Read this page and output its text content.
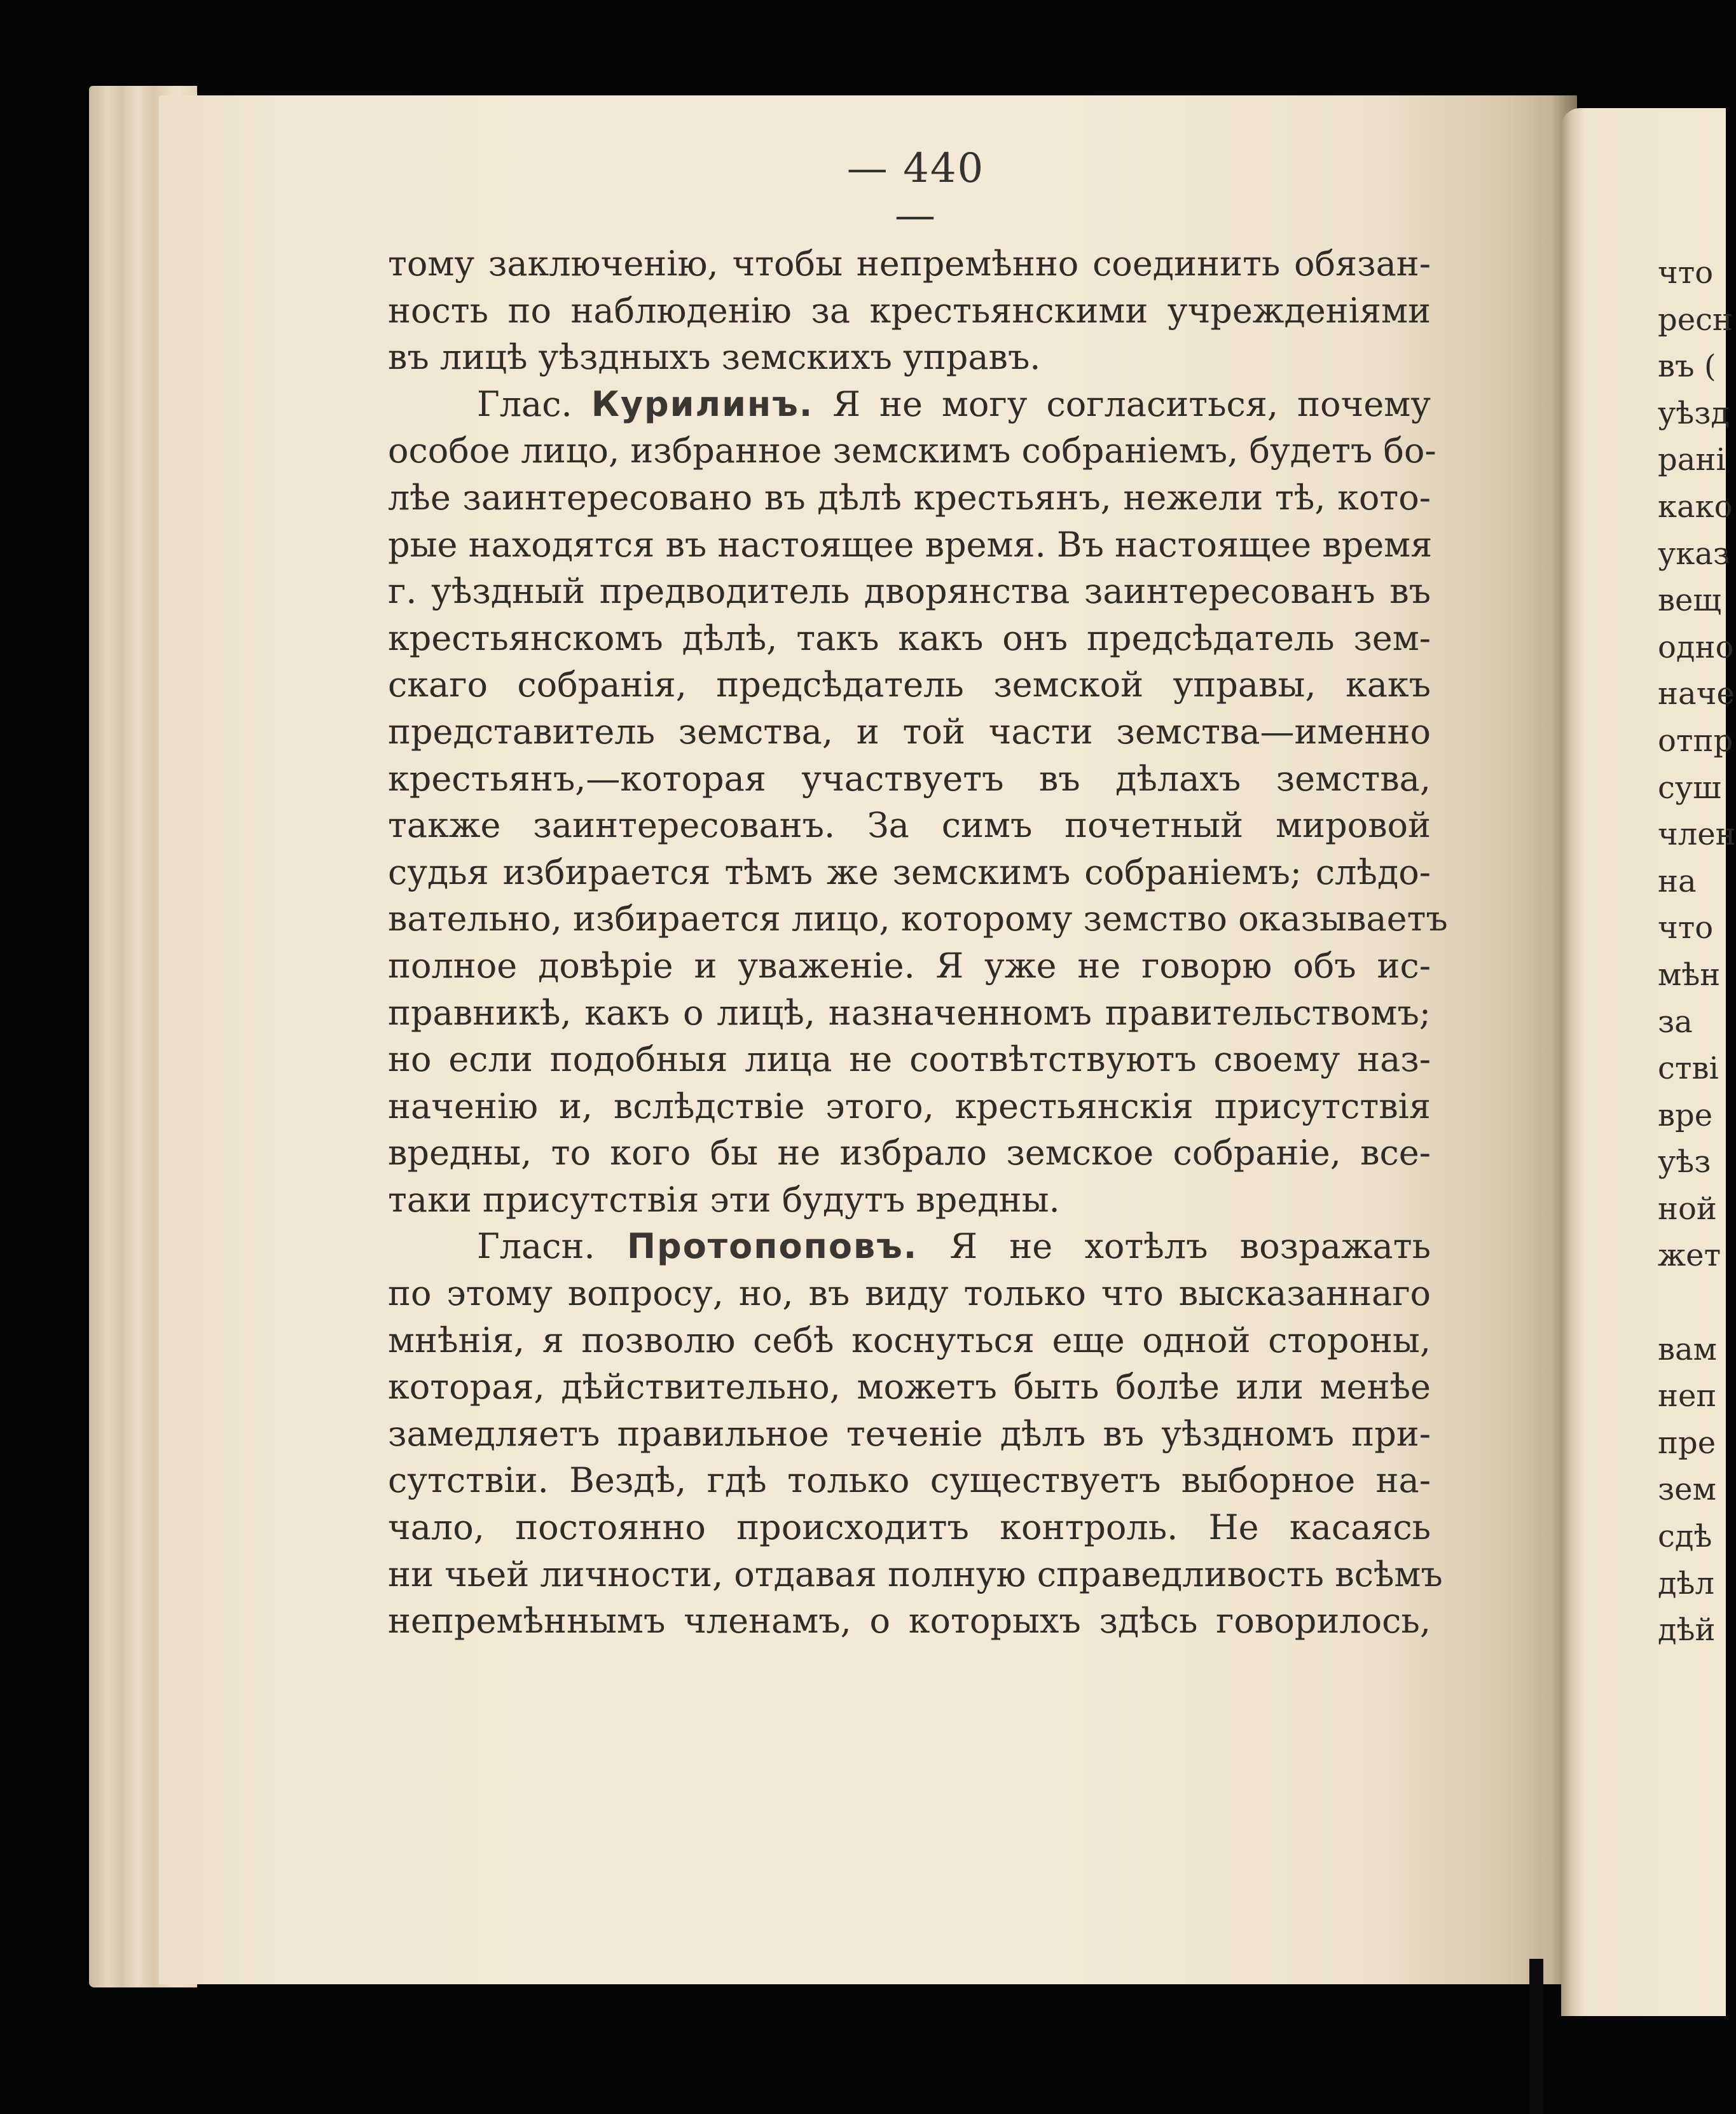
— 440 —
тому заключенію, чтобы непремѣнно соединить обязан-
ность по наблюденію за крестьянскими учрежденіями
въ лицѣ уѣздныхъ земскихъ управъ.
Глас. Курилинъ. Я не могу согласиться, почему
особое лицо, избранное земскимъ собраніемъ, будетъ бо-
лѣе заинтересовано въ дѣлѣ крестьянъ, нежели тѣ, кото-
рые находятся въ настоящее время. Въ настоящее время
г. уѣздный предводитель дворянства заинтересованъ въ
крестьянскомъ дѣлѣ, такъ какъ онъ предсѣдатель зем-
скаго собранія, предсѣдатель земской управы, какъ
представитель земства, и той части земства—именно
крестьянъ,—которая участвуетъ въ дѣлахъ земства,
также заинтересованъ. За симъ почетный мировой
судья избирается тѣмъ же земскимъ собраніемъ; слѣдо-
вательно, избирается лицо, которому земство оказываетъ
полное довѣріе и уваженіе. Я уже не говорю объ ис-
правникѣ, какъ о лицѣ, назначенномъ правительствомъ;
но если подобныя лица не соотвѣтствуютъ своему наз-
наченію и, вслѣдствіе этого, крестьянскія присутствія
вредны, то кого бы не избрало земское собраніе, все-
таки присутствія эти будутъ вредны.
Гласн. Протопоповъ. Я не хотѣлъ возражать
по этому вопросу, но, въ виду только что высказаннаго
мнѣнія, я позволю себѣ коснуться еще одной стороны,
которая, дѣйствительно, можетъ быть болѣе или менѣе
замедляетъ правильное теченіе дѣлъ въ уѣздномъ при-
сутствіи. Вездѣ, гдѣ только существуетъ выборное на-
чало, постоянно происходитъ контроль. Не касаясь
ни чьей личности, отдавая полную справедливость всѣмъ
непремѣннымъ членамъ, о которыхъ здѣсь говорилось,
что
ресн
въ (
уѣзд
рані
како
указ
вещ
одно
наче
отпр
суш
член
на
что
мѣн
за
ствi
вре
уѣз
ной
жет
вам
неп
пре
зем
сдѣ
дѣл
дѣй
